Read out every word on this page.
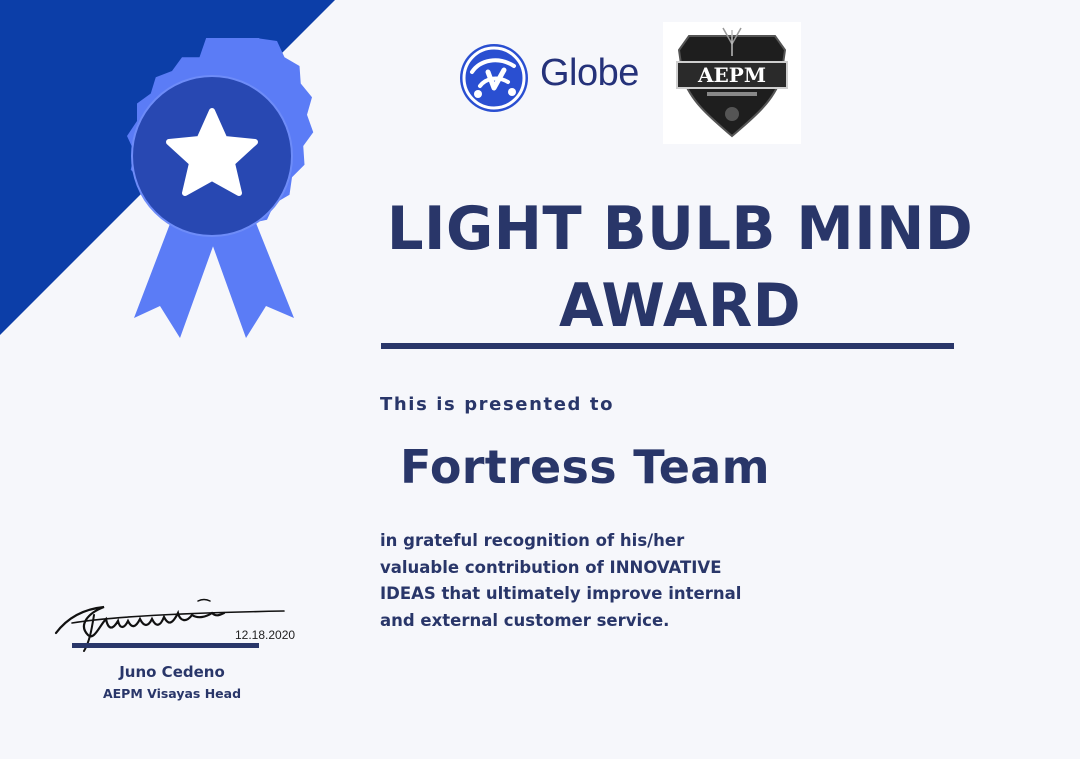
Globe	AEPM
LIGHT BULB MIND
AWARD
This is presented to
Fortress Team
in grateful recognition of his/her
valuable contribution of INNOVATIVE
IDEAS that ultimately improve internal
and external customer service.
12.18.2020
Juno Cedeno
AEPM Visayas Head
